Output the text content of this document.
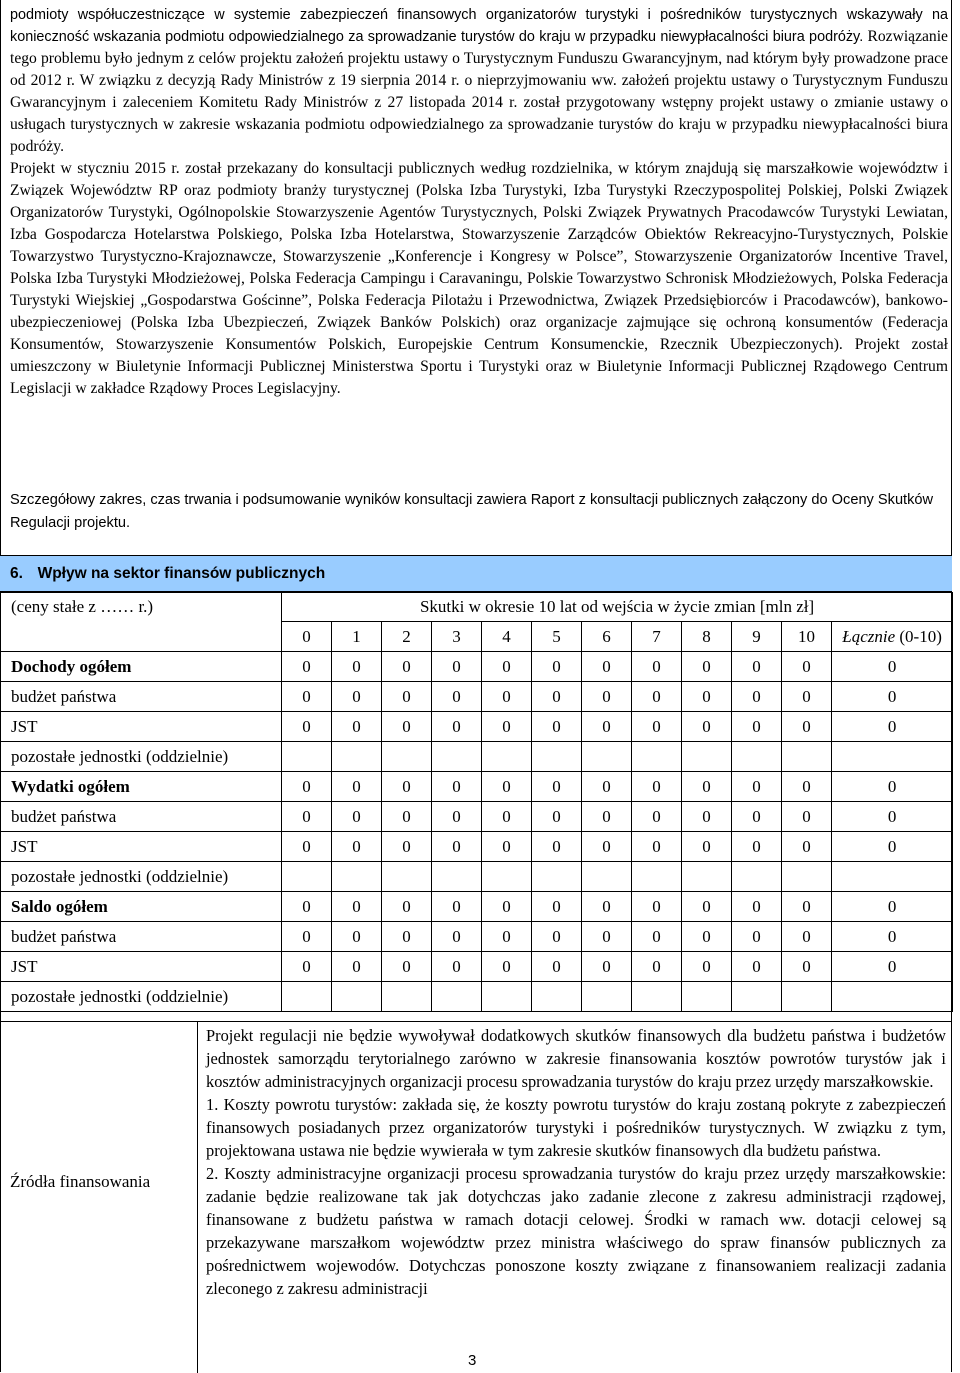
podmioty współuczestniczące w systemie zabezpieczeń finansowych organizatorów turystyki i pośredników turystycznych wskazywały na konieczność wskazania podmiotu odpowiedzialnego za sprowadzanie turystów do kraju w przypadku niewypłacalności biura podróży. Rozwiązanie tego problemu było jednym z celów projektu założeń projektu ustawy o Turystycznym Funduszu Gwarancyjnym, nad którym były prowadzone prace od 2012 r. W związku z decyzją Rady Ministrów z 19 sierpnia 2014 r. o nieprzyjmowaniu ww. założeń projektu ustawy o Turystycznym Funduszu Gwarancyjnym i zaleceniem Komitetu Rady Ministrów z 27 listopada 2014 r. został przygotowany wstępny projekt ustawy o zmianie ustawy o usługach turystycznych w zakresie wskazania podmiotu odpowiedzialnego za sprowadzanie turystów do kraju w przypadku niewypłacalności biura podróży.

Projekt w styczniu 2015 r. został przekazany do konsultacji publicznych według rozdzielnika, w którym znajdują się marszałkowie województw i Związek Województw RP oraz podmioty branży turystycznej (Polska Izba Turystyki, Izba Turystyki Rzeczypospolitej Polskiej, Polski Związek Organizatorów Turystyki, Ogólnopolskie Stowarzyszenie Agentów Turystycznych, Polski Związek Prywatnych Pracodawców Turystyki Lewiatan, Izba Gospodarcza Hotelarstwa Polskiego, Polska Izba Hotelarstwa, Stowarzyszenie Zarządców Obiektów Rekreacyjno-Turystycznych, Polskie Towarzystwo Turystyczno-Krajoznawcze, Stowarzyszenie „Konferencje i Kongresy w Polsce”, Stowarzyszenie Organizatorów Incentive Travel, Polska Izba Turystyki Młodzieżowej, Polska Federacja Campingu i Caravaningu, Polskie Towarzystwo Schronisk Młodzieżowych, Polska Federacja Turystyki Wiejskiej „Gospodarstwa Gościnne”, Polska Federacja Pilotażu i Przewodnictwa, Związek Przedsiębiorców i Pracodawców), bankowo-ubezpieczeniowej (Polska Izba Ubezpieczeń, Związek Banków Polskich) oraz organizacje zajmujące się ochroną konsumentów (Federacja Konsumentów, Stowarzyszenie Konsumentów Polskich, Europejskie Centrum Konsumenckie, Rzecznik Ubezpieczonych). Projekt został umieszczony w Biuletynie Informacji Publicznej Ministerstwa Sportu i Turystyki oraz w Biuletynie Informacji Publicznej Rządowego Centrum Legislacji w zakładce Rządowy Proces Legislacyjny.

Szczegółowy zakres, czas trwania i podsumowanie wyników konsultacji zawiera Raport z konsultacji publicznych załączony do Oceny Skutków Regulacji projektu.

6. Wpływ na sektor finansów publicznych
(ceny stałe z …… r.)	Skutki w okresie 10 lat od wejścia w życie zmian [mln zł]											
	0	1	2	3	4	5	6	7	8	9	10	Łącznie (0-10)
Dochody ogółem	0	0	0	0	0	0	0	0	0	0	0	0
budżet państwa	0	0	0	0	0	0	0	0	0	0	0	0
JST	0	0	0	0	0	0	0	0	0	0	0	0
pozostałe jednostki (oddzielnie)												
Wydatki ogółem	0	0	0	0	0	0	0	0	0	0	0	0
budżet państwa	0	0	0	0	0	0	0	0	0	0	0	0
JST	0	0	0	0	0	0	0	0	0	0	0	0
pozostałe jednostki (oddzielnie)												
Saldo ogółem	0	0	0	0	0	0	0	0	0	0	0	0
budżet państwa	0	0	0	0	0	0	0	0	0	0	0	0
JST	0	0	0	0	0	0	0	0	0	0	0	0
pozostałe jednostki (oddzielnie)												
Źródła finansowania

Projekt regulacji nie będzie wywoływał dodatkowych skutków finansowych dla budżetu państwa i budżetów jednostek samorządu terytorialnego zarówno w zakresie finansowania kosztów powrotów turystów jak i kosztów administracyjnych organizacji procesu sprowadzania turystów do kraju przez urzędy marszałkowskie.

1. Koszty powrotu turystów: zakłada się, że koszty powrotu turystów do kraju zostaną pokryte z zabezpieczeń finansowych posiadanych przez organizatorów turystyki i pośredników turystycznych. W związku z tym, projektowana ustawa nie będzie wywierała w tym zakresie skutków finansowych dla budżetu państwa.

2. Koszty administracyjne organizacji procesu sprowadzania turystów do kraju przez urzędy marszałkowskie: zadanie będzie realizowane tak jak dotychczas jako zadanie zlecone z zakresu administracji rządowej, finansowane z budżetu państwa w ramach dotacji celowej. Środki w ramach ww. dotacji celowej są przekazywane marszałkom województw przez ministra właściwego do spraw finansów publicznych za pośrednictwem wojewodów. Dotychczas ponoszone koszty związane z finansowaniem realizacji zadania zleconego z zakresu administracji

3
